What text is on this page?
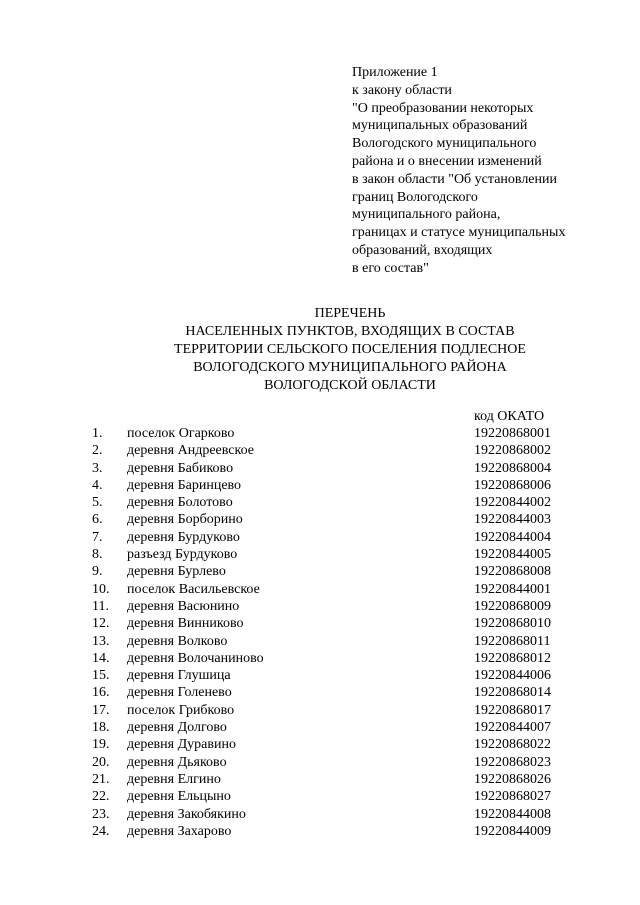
Приложение 1
к закону области
"О преобразовании некоторых
муниципальных образований
Вологодского муниципального
района и о внесении изменений
в закон области "Об установлении
границ Вологодского
муниципального района,
границах и статусе муниципальных
образований, входящих
в его состав"
ПЕРЕЧЕНЬ
НАСЕЛЕННЫХ ПУНКТОВ, ВХОДЯЩИХ В СОСТАВ
ТЕРРИТОРИИ СЕЛЬСКОГО ПОСЕЛЕНИЯ ПОДЛЕСНОЕ
ВОЛОГОДСКОГО МУНИЦИПАЛЬНОГО РАЙОНА
ВОЛОГОДСКОЙ ОБЛАСТИ
код ОКАТО
1. поселок Огарково	19220868001
2. деревня Андреевское	19220868002
3. деревня Бабиково	19220868004
4. деревня Баринцево	19220868006
5. деревня Болотово	19220844002
6. деревня Борборино	19220844003
7. деревня Бурдуково	19220844004
8. разъезд Бурдуково	19220844005
9. деревня Бурлево	19220868008
10. поселок Васильевское	19220844001
11. деревня Васюнино	19220868009
12. деревня Винниково	19220868010
13. деревня Волково	19220868011
14. деревня Волочаниново	19220868012
15. деревня Глушица	19220844006
16. деревня Голенево	19220868014
17. поселок Грибково	19220868017
18. деревня Долгово	19220844007
19. деревня Дуравино	19220868022
20. деревня Дьяково	19220868023
21. деревня Елгино	19220868026
22. деревня Ельцыно	19220868027
23. деревня Закобякино	19220844008
24. деревня Захарово	19220844009
